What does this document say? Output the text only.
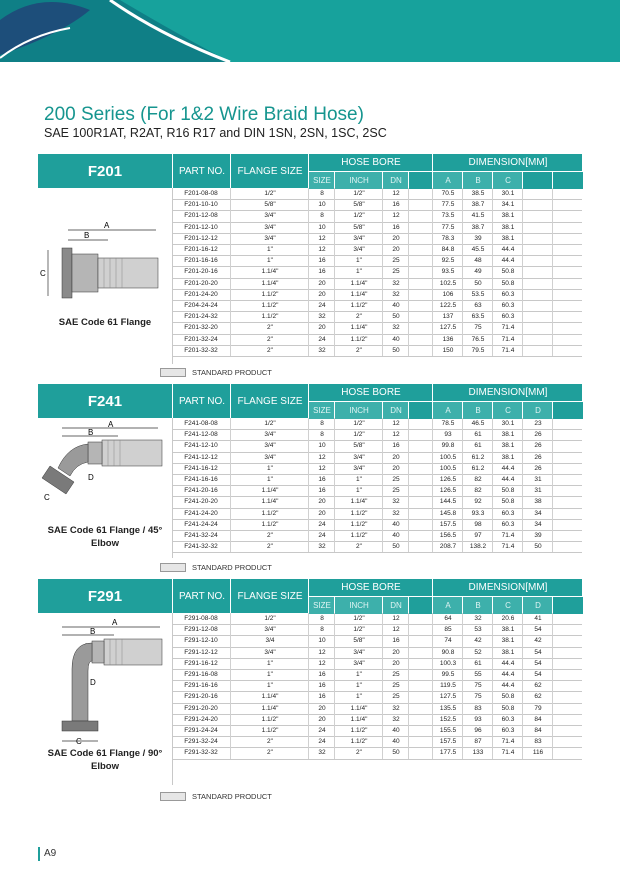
200 Series (For 1&2 Wire Braid Hose)
SAE 100R1AT, R2AT, R16 R17 and DIN 1SN, 2SN, 1SC, 2SC
F201	PART NO.	FLANGE SIZE
HOSE BORE	DIMENSION[MM]
SIZE	INCH	DN	A	B	C
A
B
C
SAE Code 61 Flange
F201-08-08	1/2"	8	1/2"	12	70.5	38.5	30.1
F201-10-10	5/8"	10	5/8"	16	77.5	38.7	34.1
F201-12-08	3/4"	8	1/2"	12	73.5	41.5	38.1
F201-12-10	3/4"	10	5/8"	16	77.5	38.7	38.1
F201-12-12	3/4"	12	3/4"	20	78.3	39	38.1
F201-16-12	1"	12	3/4"	20	84.8	45.5	44.4
F201-16-16	1"	16	1"	25	92.5	48	44.4
F201-20-16	1.1/4"	16	1"	25	93.5	49	50.8
F201-20-20	1.1/4"	20	1.1/4"	32	102.5	50	50.8
F201-24-20	1.1/2"	20	1.1/4"	32	106	53.5	60.3
F204-24-24	1.1/2"	24	1.1/2"	40	122.5	63	60.3
F201-24-32	1.1/2"	32	2"	50	137	63.5	60.3
F201-32-20	2"	20	1.1/4"	32	127.5	75	71.4
F201-32-24	2"	24	1.1/2"	40	136	76.5	71.4
F201-32-32	2"	32	2"	50	150	79.5	71.4
STANDARD PRODUCT
F241	PART NO.	FLANGE SIZE
HOSE BORE	DIMENSION[MM]
SIZE	INCH	DN	A	B	C	D
A
B
C
D
SAE Code 61 Flange / 45° Elbow
F241-08-08	1/2"	8	1/2"	12	78.5	46.5	30.1	23
F241-12-08	3/4"	8	1/2"	12	93	61	38.1	26
F241-12-10	3/4"	10	5/8"	16	99.8	61	38.1	26
F241-12-12	3/4"	12	3/4"	20	100.5	61.2	38.1	26
F241-16-12	1"	12	3/4"	20	100.5	61.2	44.4	26
F241-16-16	1"	16	1"	25	126.5	82	44.4	31
F241-20-16	1.1/4"	16	1"	25	126.5	82	50.8	31
F241-20-20	1.1/4"	20	1.1/4"	32	144.5	92	50.8	38
F241-24-20	1.1/2"	20	1.1/2"	32	145.8	93.3	60.3	34
F241-24-24	1.1/2"	24	1.1/2"	40	157.5	98	60.3	34
F241-32-24	2"	24	1.1/2"	40	156.5	97	71.4	39
F241-32-32	2"	32	2"	50	208.7	138.2	71.4	50
STANDARD PRODUCT
F291	PART NO.	FLANGE SIZE
HOSE BORE	DIMENSION[MM]
SIZE	INCH	DN	A	B	C	D
A
B
C
D
SAE Code 61 Flange / 90° Elbow
F291-08-08	1/2"	8	1/2"	12	64	32	20.6	41
F291-12-08	3/4"	8	1/2"	12	85	53	38.1	54
F291-12-10	3/4	10	5/8"	16	74	42	38.1	42
F291-12-12	3/4"	12	3/4"	20	90.8	52	38.1	54
F291-16-12	1"	12	3/4"	20	100.3	61	44.4	54
F291-16-08	1"	16	1"	25	99.5	55	44.4	54
F291-16-16	1"	16	1"	25	119.5	75	44.4	62
F291-20-16	1.1/4"	16	1"	25	127.5	75	50.8	62
F291-20-20	1.1/4"	20	1.1/4"	32	135.5	83	50.8	79
F291-24-20	1.1/2"	20	1.1/4"	32	152.5	93	60.3	84
F291-24-24	1.1/2"	24	1.1/2"	40	155.5	96	60.3	84
F291-32-24	2"	24	1.1/2"	40	157.5	87	71.4	83
F291-32-32	2"	32	2"	50	177.5	133	71.4	116
STANDARD PRODUCT
A9
